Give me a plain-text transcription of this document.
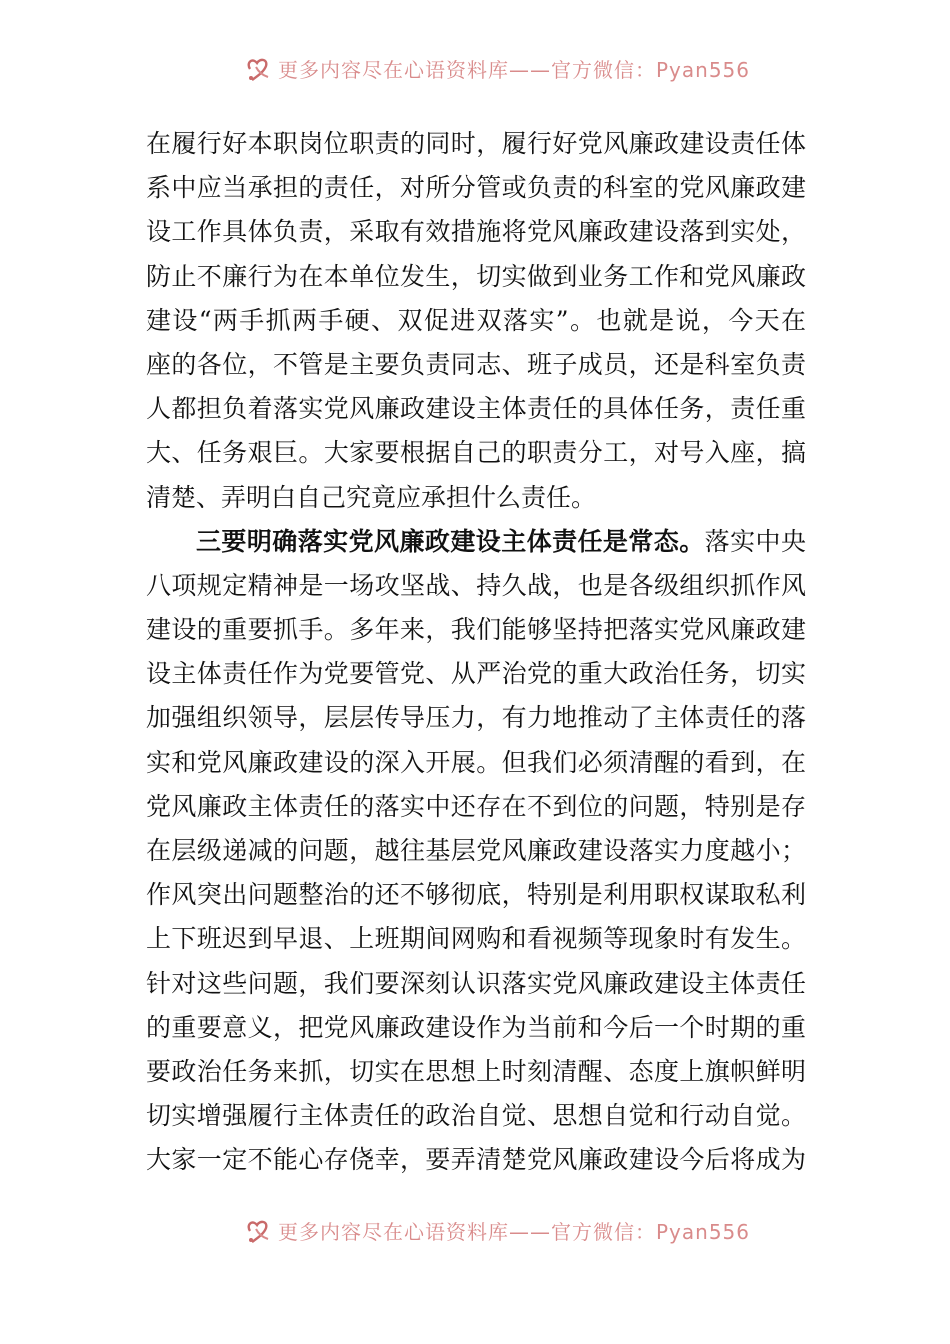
更多内容尽在心语资料库——官方微信：Pyan556
在履行好本职岗位职责的同时，履行好党风廉政建设责任体
系中应当承担的责任，对所分管或负责的科室的党风廉政建
设工作具体负责，采取有效措施将党风廉政建设落到实处，
防止不廉行为在本单位发生，切实做到业务工作和党风廉政
建设“两手抓两手硬、双促进双落实”。也就是说，今天在
座的各位，不管是主要负责同志、班子成员，还是科室负责
人都担负着落实党风廉政建设主体责任的具体任务，责任重
大、任务艰巨。大家要根据自己的职责分工，对号入座，搞
清楚、弄明白自己究竟应承担什么责任。
三要明确落实党风廉政建设主体责任是常态。落实中央
八项规定精神是一场攻坚战、持久战，也是各级组织抓作风
建设的重要抓手。多年来，我们能够坚持把落实党风廉政建
设主体责任作为党要管党、从严治党的重大政治任务，切实
加强组织领导，层层传导压力，有力地推动了主体责任的落
实和党风廉政建设的深入开展。但我们必须清醒的看到，在
党风廉政主体责任的落实中还存在不到位的问题，特别是存
在层级递减的问题，越往基层党风廉政建设落实力度越小；
作风突出问题整治的还不够彻底，特别是利用职权谋取私利
上下班迟到早退、上班期间网购和看视频等现象时有发生。
针对这些问题，我们要深刻认识落实党风廉政建设主体责任
的重要意义，把党风廉政建设作为当前和今后一个时期的重
要政治任务来抓，切实在思想上时刻清醒、态度上旗帜鲜明
切实增强履行主体责任的政治自觉、思想自觉和行动自觉。
大家一定不能心存侥幸，要弄清楚党风廉政建设今后将成为
更多内容尽在心语资料库——官方微信：Pyan556
